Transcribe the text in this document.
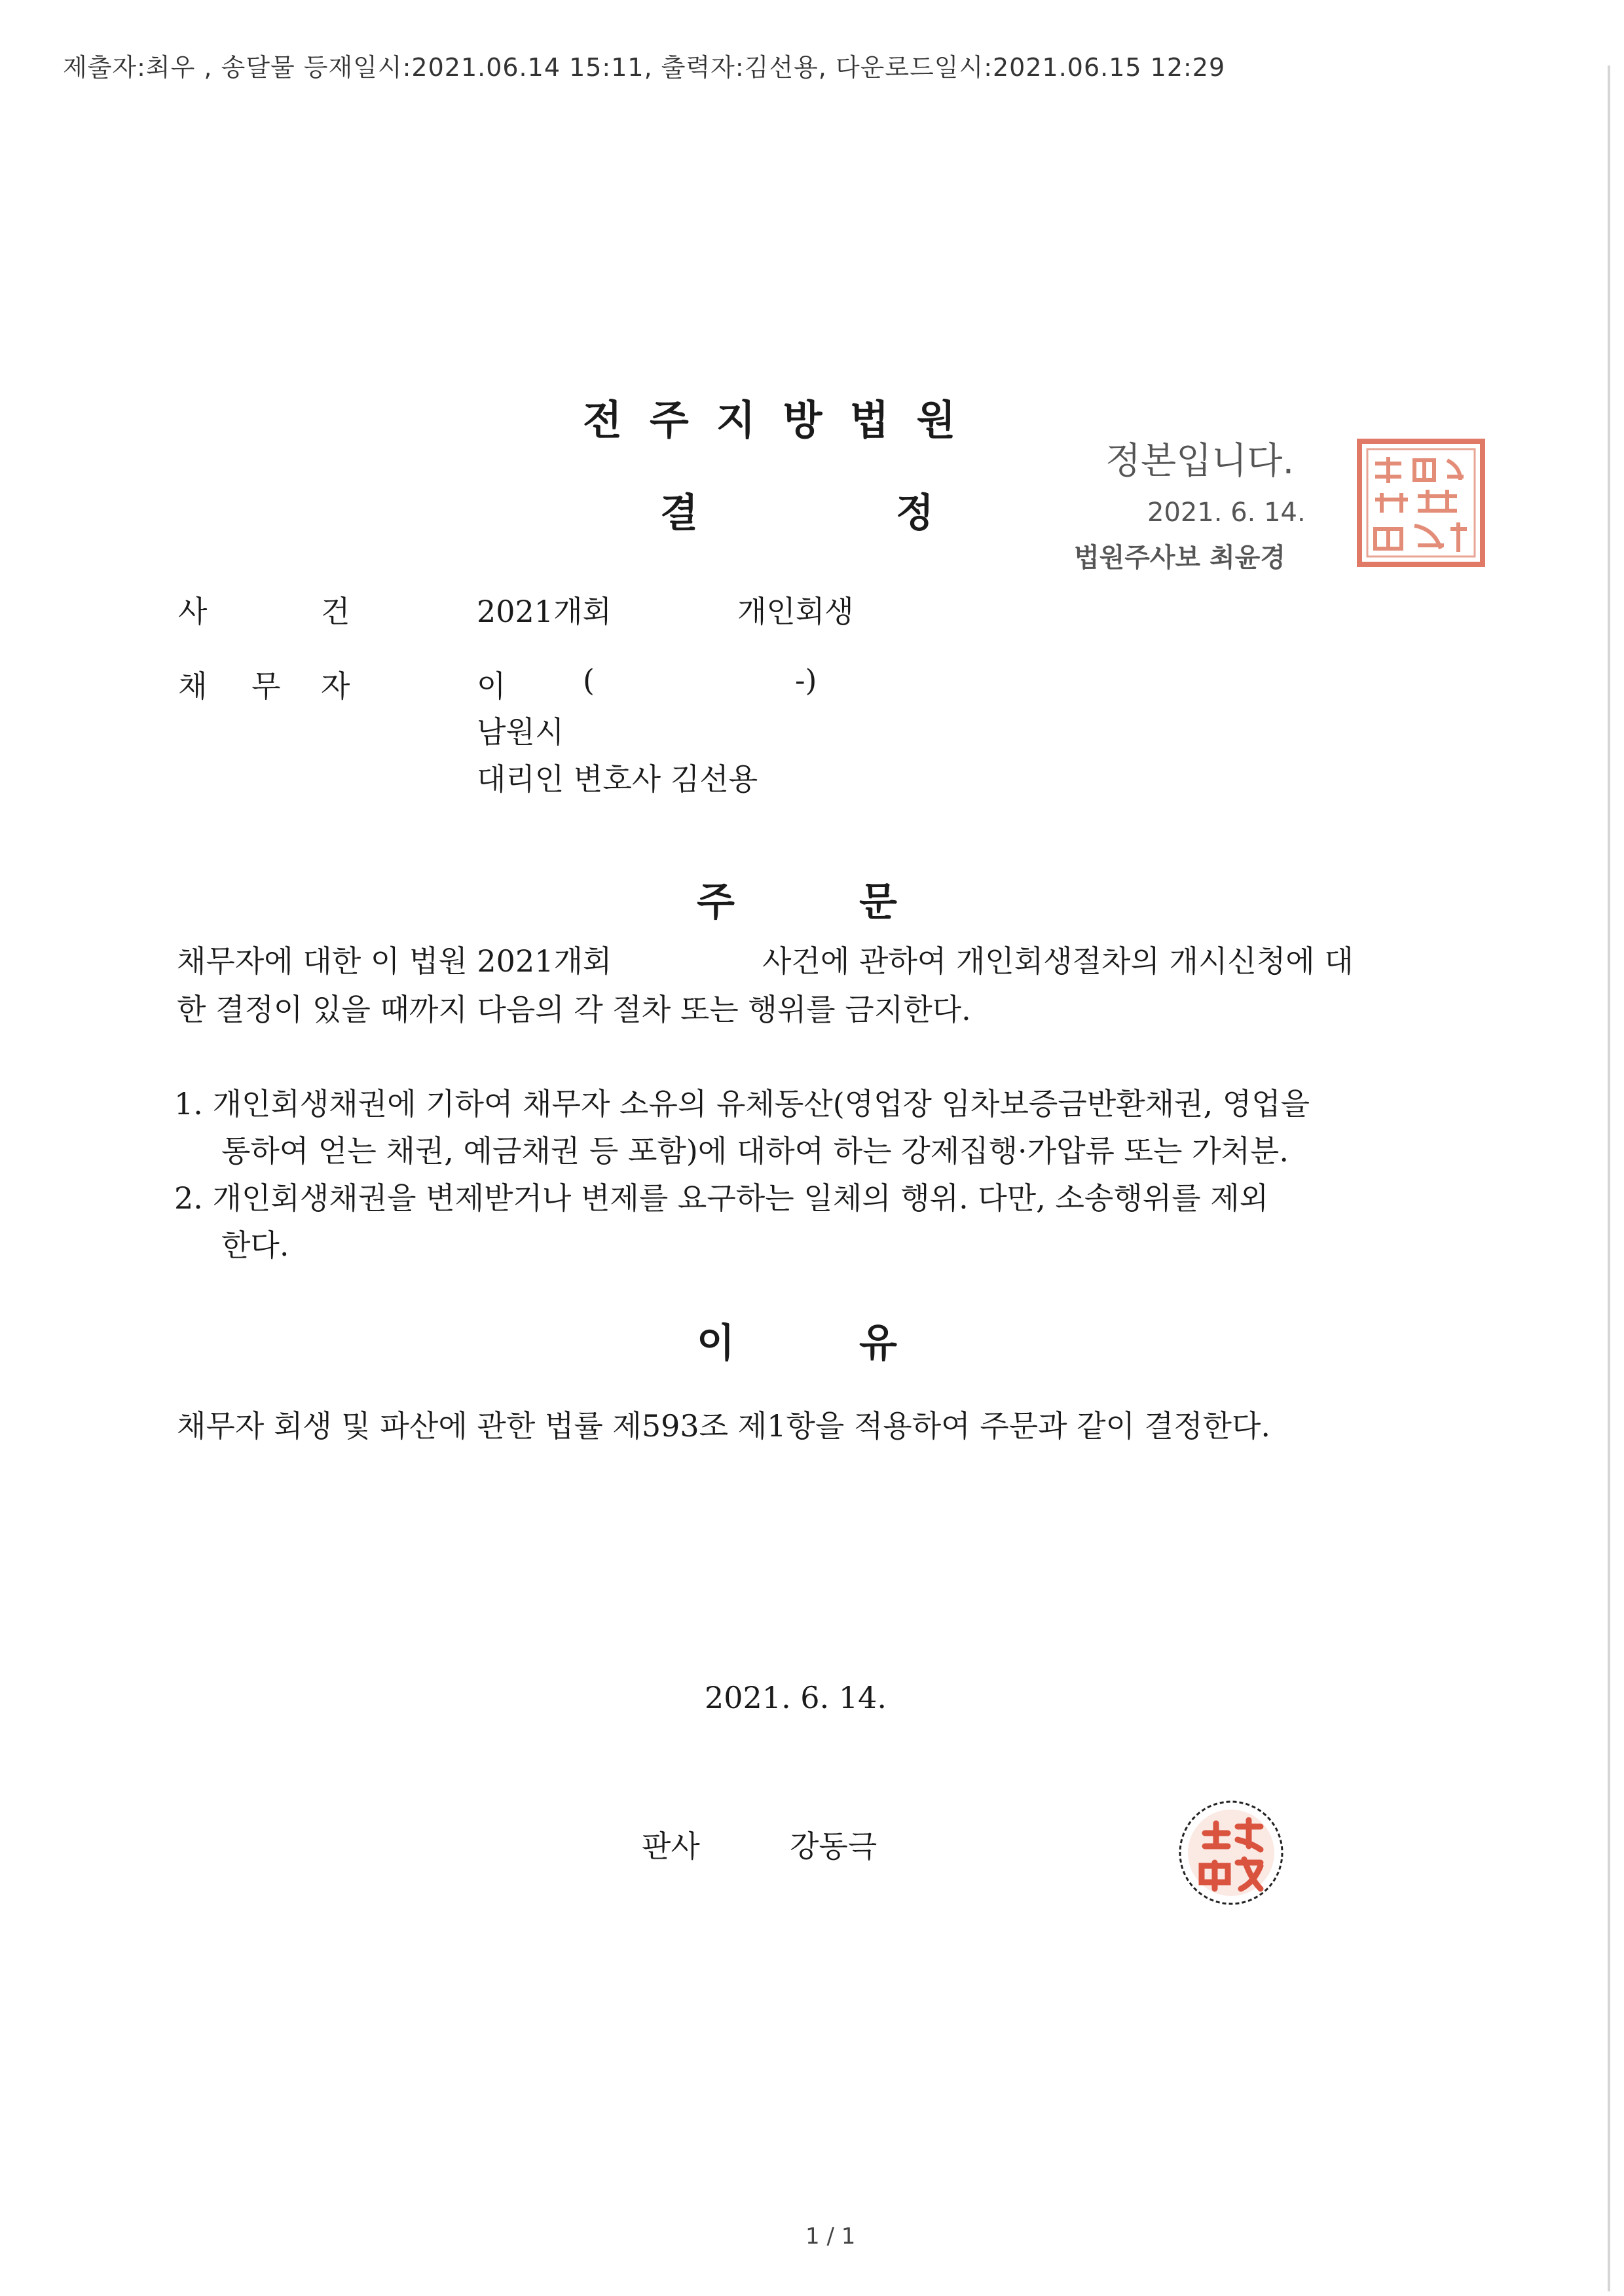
제출자:최우 , 송달물 등재일시:2021.06.14 15:11, 출력자:김선용, 다운로드일시:2021.06.15 12:29
전주지방법원
결	정
정본입니다.
2021. 6. 14.
법원주사보 최윤경
사	건	2021개회	개인회생
채 무 자	이	(	-)
남원시
대리인 변호사 김선용
주	문
채무자에 대한 이 법원 2021개회	사건에 관하여 개인회생절차의 개시신청에 대
한 결정이 있을 때까지 다음의 각 절차 또는 행위를 금지한다.
1. 개인회생채권에 기하여 채무자 소유의 유체동산(영업장 임차보증금반환채권, 영업을
통하여 얻는 채권, 예금채권 등 포함)에 대하여 하는 강제집행·가압류 또는 가처분.
2. 개인회생채권을 변제받거나 변제를 요구하는 일체의 행위. 다만, 소송행위를 제외
한다.
이	유
채무자 회생 및 파산에 관한 법률 제593조 제1항을 적용하여 주문과 같이 결정한다.
2021. 6. 14.
판사	강동극
1 / 1
